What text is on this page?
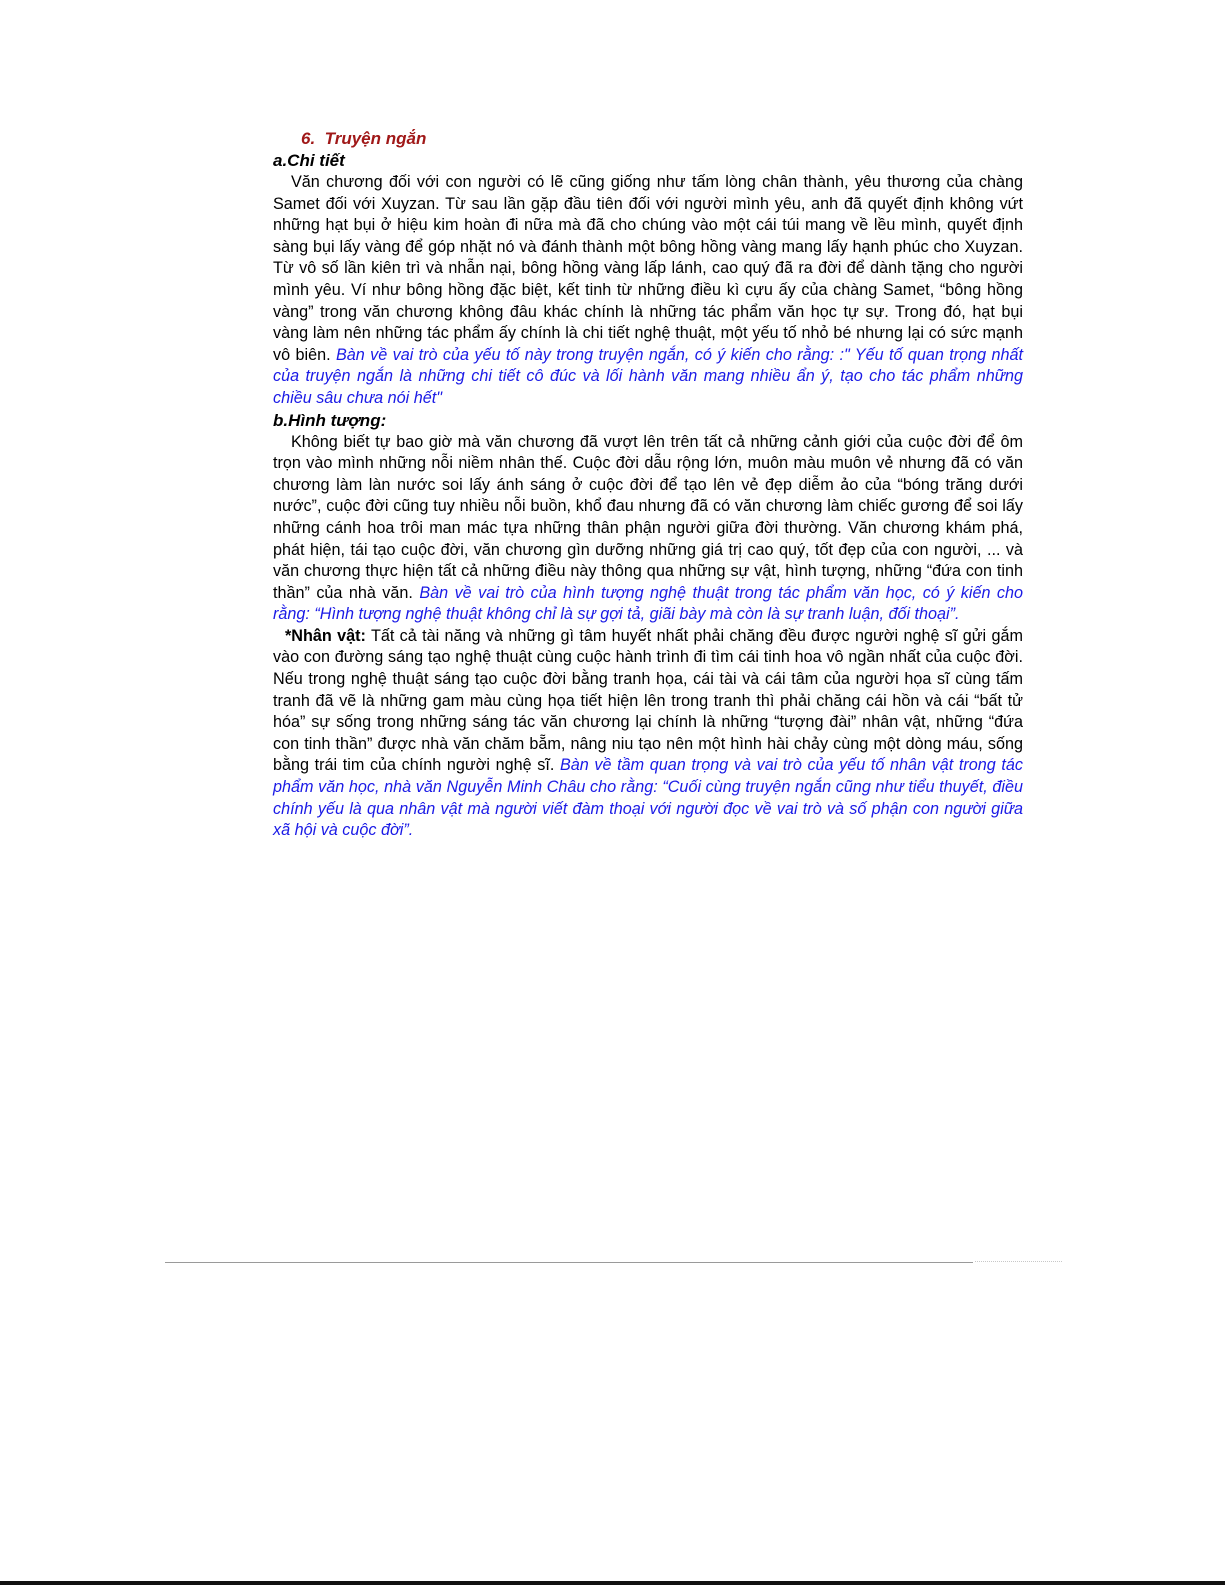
6. Truyện ngắn
a.Chi tiết

Văn chương đối với con người có lẽ cũng giống như tấm lòng chân thành, yêu thương của chàng Samet đối với Xuyzan. Từ sau lần gặp đầu tiên đối với người mình yêu, anh đã quyết định không vứt những hạt bụi ở hiệu kim hoàn đi nữa mà đã cho chúng vào một cái túi mang về lều mình, quyết định sàng bụi lấy vàng để góp nhặt nó và đánh thành một bông hồng vàng mang lấy hạnh phúc cho Xuyzan. Từ vô số lần kiên trì và nhẫn nại, bông hồng vàng lấp lánh, cao quý đã ra đời để dành tặng cho người mình yêu. Ví như bông hồng đặc biệt, kết tinh từ những điều kì cựu ấy của chàng Samet, “bông hồng vàng” trong văn chương không đâu khác chính là những tác phẩm văn học tự sự. Trong đó, hạt bụi vàng làm nên những tác phẩm ấy chính là chi tiết nghệ thuật, một yếu tố nhỏ bé nhưng lại có sức mạnh vô biên. Bàn về vai trò của yếu tố này trong truyện ngắn, có ý kiến cho rằng: :" Yếu tố quan trọng nhất của truyện ngắn là những chi tiết cô đúc và lối hành văn mang nhiều ẩn ý, tạo cho tác phẩm những chiều sâu chưa nói hết"

b.Hình tượng:

Không biết tự bao giờ mà văn chương đã vượt lên trên tất cả những cảnh giới của cuộc đời để ôm trọn vào mình những nỗi niềm nhân thế. Cuộc đời dẫu rộng lớn, muôn màu muôn vẻ nhưng đã có văn chương làm làn nước soi lấy ánh sáng ở cuộc đời để tạo lên vẻ đẹp diễm ảo của “bóng trăng dưới nước”, cuộc đời cũng tuy nhiều nỗi buồn, khổ đau nhưng đã có văn chương làm chiếc gương để soi lấy những cánh hoa trôi man mác tựa những thân phận người giữa đời thường. Văn chương khám phá, phát hiện, tái tạo cuộc đời, văn chương gìn dưỡng những giá trị cao quý, tốt đẹp của con người, ... và văn chương thực hiện tất cả những điều này thông qua những sự vật, hình tượng, những “đứa con tinh thần” của nhà văn. Bàn về vai trò của hình tượng nghệ thuật trong tác phẩm văn học, có ý kiến cho rằng: “Hình tượng nghệ thuật không chỉ là sự gợi tả, giãi bày mà còn là sự tranh luận, đối thoại”.

*Nhân vật: Tất cả tài năng và những gì tâm huyết nhất phải chăng đều được người nghệ sĩ gửi gắm vào con đường sáng tạo nghệ thuật cùng cuộc hành trình đi tìm cái tinh hoa vô ngần nhất của cuộc đời. Nếu trong nghệ thuật sáng tạo cuộc đời bằng tranh họa, cái tài và cái tâm của người họa sĩ cùng tấm tranh đã vẽ là những gam màu cùng họa tiết hiện lên trong tranh thì phải chăng cái hồn và cái “bất tử hóa” sự sống trong những sáng tác văn chương lại chính là những “tượng đài” nhân vật, những “đứa con tinh thần” được nhà văn chăm bẵm, nâng niu tạo nên một hình hài chảy cùng một dòng máu, sống bằng trái tim của chính người nghệ sĩ. Bàn về tầm quan trọng và vai trò của yếu tố nhân vật trong tác phẩm văn học, nhà văn Nguyễn Minh Châu cho rằng: “Cuối cùng truyện ngắn cũng như tiểu thuyết, điều chính yếu là qua nhân vật mà người viết đàm thoại với người đọc về vai trò và số phận con người giữa xã hội và cuộc đời”.
